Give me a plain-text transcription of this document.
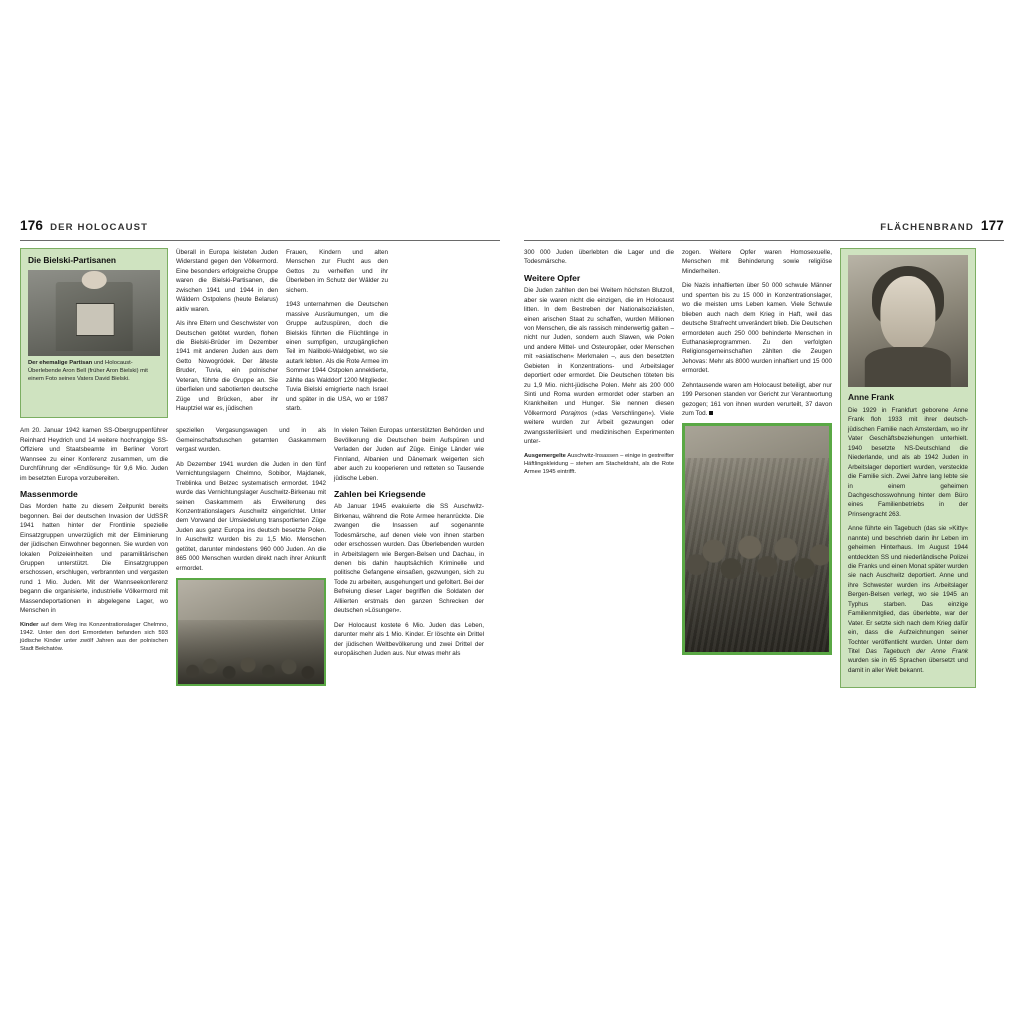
176 DER HOLOCAUST
Die Bielski-Partisanen
Der ehemalige Partisan und Holocaust-Überlebende Aron Bell (früher Aron Bielski) mit einem Foto seines Vaters David Bielski.

Überall in Europa leisteten Juden Widerstand gegen den Völkermord. Eine besonders erfolgreiche Gruppe waren die Bielski-Partisanen, die zwischen 1941 und 1944 in den Wäldern Ostpolens (heute Belarus) aktiv waren.

Als ihre Eltern und Geschwister von Deutschen getötet wurden, flohen die Bielski-Brüder im Dezember 1941 mit anderen Juden aus dem Getto Nowogródek. Der älteste Bruder, Tuvia, ein polnischer Veteran, führte die Gruppe an. Sie überfielen und sabotierten deutsche Züge und Brücken, aber ihr Hauptziel war es, jüdischen

Frauen, Kindern und alten Menschen zur Flucht aus den Gettos zu verhelfen und ihr Überleben im Schutz der Wälder zu sichern.

1943 unternahmen die Deutschen massive Ausräumungen, um die Gruppe aufzuspüren, doch die Bielskis führten die Flüchtlinge in einen sumpfigen, unzugänglichen Teil im Naliboki-Waldgebiet, wo sie autark lebten. Als die Rote Armee im Sommer 1944 Ostpolen annektierte, zählte das Walddorf 1200 Mitglieder. Tuvia Bielski emigrierte nach Israel und später in die USA, wo er 1987 starb.

Am 20. Januar 1942 kamen SS-Obergruppenführer Reinhard Heydrich und 14 weitere hochrangige SS-Offiziere und Staatsbeamte im Berliner Vorort Wannsee zu einer Konferenz zusammen, um die Durchführung der »Endlösung« für 9,6 Mio. Juden im besetzten Europa vorzubereiten.

Massenmorde

Das Morden hatte zu diesem Zeitpunkt bereits begonnen. Bei der deutschen Invasion der UdSSR 1941 hatten hinter der Frontlinie spezielle Einsatzgruppen unverzüglich mit der Eliminierung der jüdischen Einwohner begonnen. Sie wurden von lokalen Polizeieinheiten und paramilitärischen Gruppen unterstützt. Die Einsatzgruppen erschossen, erschlugen, verbrannten und vergasten rund 1 Mio. Juden. Mit der Wannseekonferenz begann die organisierte, industrielle Völkermord mit Massendeportationen in abgelegene Lager, wo Menschen in

Kinder auf dem Weg ins Konzentrationslager Chelmno, 1942. Unter den dort Ermordeten befanden sich 593 jüdische Kinder unter zwölf Jahren aus der polnischen Stadt Bełchatów.

speziellen Vergasungswagen und in als Gemeinschaftsduschen getarnten Gaskammern vergast wurden.

Ab Dezember 1941 wurden die Juden in den fünf Vernichtungslagern Chelmno, Sobibor, Majdanek, Treblinka und Belzec systematisch ermordet. 1942 wurde das Vernichtungslager Auschwitz-Birkenau mit seinen Gaskammern als Erweiterung des Konzentrationslagers Auschwitz eingerichtet. Unter dem Vorwand der Umsiedelung transportierten Züge Juden aus ganz Europa ins deutsch besetzte Polen. In Auschwitz wurden bis zu 1,5 Mio. Menschen getötet, darunter mindestens 960 000 Juden. An die 865 000 Menschen wurden direkt nach ihrer Ankunft ermordet.

In vielen Teilen Europas unterstützten Behörden und Bevölkerung die Deutschen beim Aufspüren und Verladen der Juden auf Züge. Einige Länder wie Finnland, Albanien und Dänemark weigerten sich aber auch zu kooperieren und retteten so Tausende jüdische Leben.

Zahlen bei Kriegsende

Ab Januar 1945 evakuierte die SS Auschwitz-Birkenau, während die Rote Armee heranrückte. Die zwangen die Insassen auf sogenannte Todesmärsche, auf denen viele von ihnen starben oder erschossen wurden. Das Überlebenden wurden in Arbeitslagern wie Bergen-Belsen und Dachau, in denen bis dahin hauptsächlich Kriminelle und politische Gefangene einsaßen, gezwungen, sich zu Tode zu arbeiten, ausgehungert und gefoltert. Bei der Befreiung dieser Lager begriffen die Soldaten der Alliierten erstmals den ganzen Schrecken der deutschen »Lösungen«.

Der Holocaust kostete 6 Mio. Juden das Leben, darunter mehr als 1 Mio. Kinder. Er löschte ein Drittel der jüdischen Weltbevölkerung und zwei Drittel der europäischen Juden aus. Nur etwas mehr als

FLÄCHENBRAND 177

300 000 Juden überlebten die Lager und die Todesmärsche.

Weitere Opfer

Die Juden zahlten den bei Weitem höchsten Blutzoll, aber sie waren nicht die einzigen, die im Holocaust litten. In dem Bestreben der Nationalsozialisten, einen arischen Staat zu schaffen, wurden Millionen von Menschen, die als rassisch minderwertig galten – nicht nur Juden, sondern auch Slawen, wie Polen und andere Mittel- und Osteuropäer, oder Menschen mit »asiatischen« Merkmalen –, aus den besetzten Gebieten in Konzentrations- und Arbeitslager deportiert oder ermordet. Die Deutschen töteten bis zu 1,9 Mio. nicht-jüdische Polen. Mehr als 200 000 Sinti und Roma wurden ermordet oder starben an Krankheiten und Hunger. Sie nennen diesen Völkermord Porajmos (»das Verschlingen«). Viele weitere wurden zur Arbeit gezwungen oder zwangssterilisiert und medizinischen Experimenten unter-

Ausgemergelte Auschwitz-Insassen – einige in gestreifter Häftlingskleidung – stehen am Stacheldraht, als die Rote Armee 1945 eintrifft.

zogen. Weitere Opfer waren Homosexuelle, Menschen mit Behinderung sowie religiöse Minderheiten.

Die Nazis inhaftierten über 50 000 schwule Männer und sperrten bis zu 15 000 in Konzentrationslager, wo die meisten ums Leben kamen. Viele Schwule blieben auch nach dem Krieg in Haft, weil das deutsche Strafrecht unverändert blieb. Die Deutschen ermordeten auch 250 000 behinderte Menschen in Euthanasieprogrammen. Zu den verfolgten Religionsgemeinschaften zählten die Zeugen Jehovas: Mehr als 8000 wurden inhaftiert und 15 000 ermordet.

Zehntausende waren am Holocaust beteiligt, aber nur 199 Personen standen vor Gericht zur Verantwortung gezogen; 161 von ihnen wurden verurteilt, 37 davon zum Tod.

Anne Frank

Die 1929 in Frankfurt geborene Anne Frank floh 1933 mit ihrer deutsch-jüdischen Familie nach Amsterdam, wo ihr Vater Geschäftsbeziehungen unterhielt. 1940 besetzte NS-Deutschland die Niederlande, und als ab 1942 Juden in Arbeitslager deportiert wurden, versteckte die Familie sich. Zwei Jahre lang lebte sie in einem geheimen Dachgeschosswohnung hinter dem Büro eines Familienbetriebs in der Prinsengracht 263.

Anne führte ein Tagebuch (das sie »Kitty« nannte) und beschrieb darin ihr Leben im geheimen Hinterhaus. Im August 1944 entdeckten SS und niederländische Polizei die Franks und einen Monat später wurden sie nach Auschwitz deportiert. Anne und ihre Schwester wurden ins Arbeitslager Bergen-Belsen verlegt, wo sie 1945 an Typhus starben. Das einzige Familienmitglied, das überlebte, war der Vater. Er setzte sich nach dem Krieg dafür ein, dass die Aufzeichnungen seiner Tochter veröffentlicht wurden. Unter dem Titel Das Tagebuch der Anne Frank wurden sie in 65 Sprachen übersetzt und damit in aller Welt bekannt.
